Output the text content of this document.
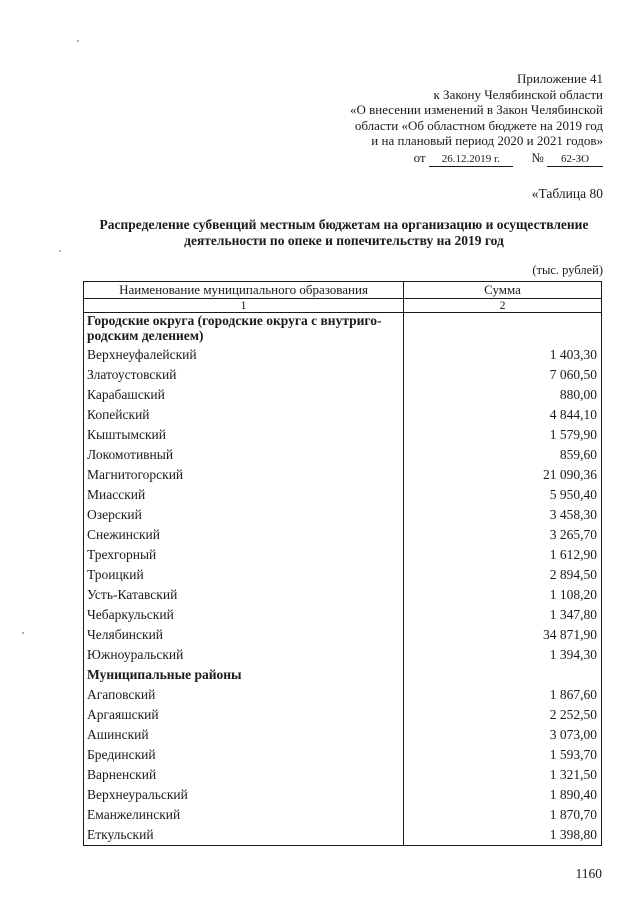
Приложение 41
к Закону Челябинской области
«О внесении изменений в Закон Челябинской
области «Об областном бюджете на 2019 год
и на плановый период 2020 и 2021 годов»
от 26.12.2019 г. № 62-ЗО
«Таблица 80
Распределение субвенций местным бюджетам на организацию и осуществление
деятельности по опеке и попечительству на 2019 год
(тыс. рублей)
Наименование муниципального образования	Сумма
1	2

Городские округа (городские округа с внутриго-
родским делением)	

Верхнеуфалейский	1 403,30
Златоустовский	7 060,50
Карабашский	880,00
Копейский	4 844,10
Кыштымский	1 579,90
Локомотивный	859,60
Магнитогорский	21 090,36
Миасский	5 950,40
Озерский	3 458,30
Снежинский	3 265,70
Трехгорный	1 612,90
Троицкий	2 894,50
Усть-Катавский	1 108,20
Чебаркульский	1 347,80
Челябинский	34 871,90
Южноуральский	1 394,30
Муниципальные районы	
Агаповский	1 867,60
Аргаяшский	2 252,50
Ашинский	3 073,00
Брединский	1 593,70
Варненский	1 321,50
Верхнеуральский	1 890,40
Еманжелинский	1 870,70
Еткульский	1 398,80
1160
